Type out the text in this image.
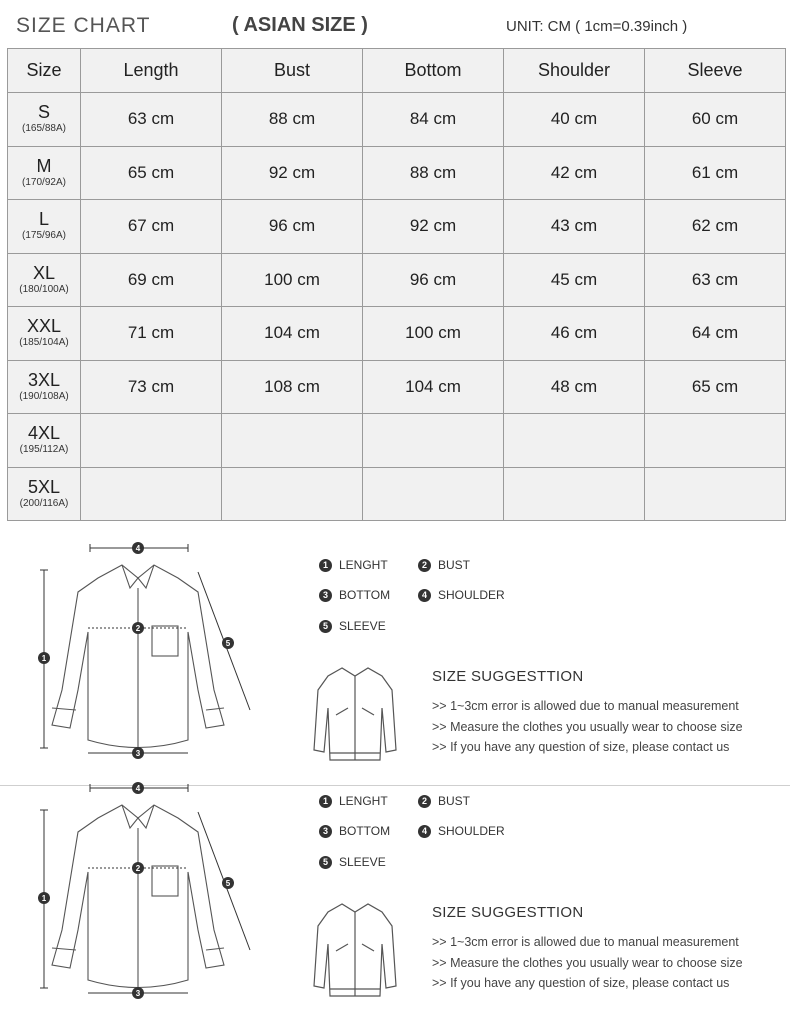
SIZE CHART	( ASIAN SIZE )	UNIT: CM ( 1cm=0.39inch )
Size	Length	Bust	Bottom	Shoulder	Sleeve

S
(165/88A)	63 cm	88 cm	84 cm	40 cm	60 cm

M
(170/92A)	65 cm	92 cm	88 cm	42 cm	61 cm

L
(175/96A)	67 cm	96 cm	92 cm	43 cm	62 cm

XL
(180/100A)	69 cm	100 cm	96 cm	45 cm	63 cm

XXL
(185/104A)	71 cm	104 cm	100 cm	46 cm	64 cm

3XL
(190/108A)	73 cm	108 cm	104 cm	48 cm	65 cm

4XL
(195/112A)					

5XL
(200/116A)					

4
1
2
3
5
1 LENGHT	2 BUST
3 BOTTOM	4 SHOULDER
5 SLEEVE
SIZE SUGGESTTION
>> 1~3cm error is allowed due to manual measurement
>> Measure the clothes you usually wear to choose size
>> If you have any question of size, please contact us
4
1
2
3
5
1 LENGHT	2 BUST
3 BOTTOM	4 SHOULDER
5 SLEEVE
SIZE SUGGESTTION
>> 1~3cm error is allowed due to manual measurement
>> Measure the clothes you usually wear to choose size
>> If you have any question of size, please contact us
